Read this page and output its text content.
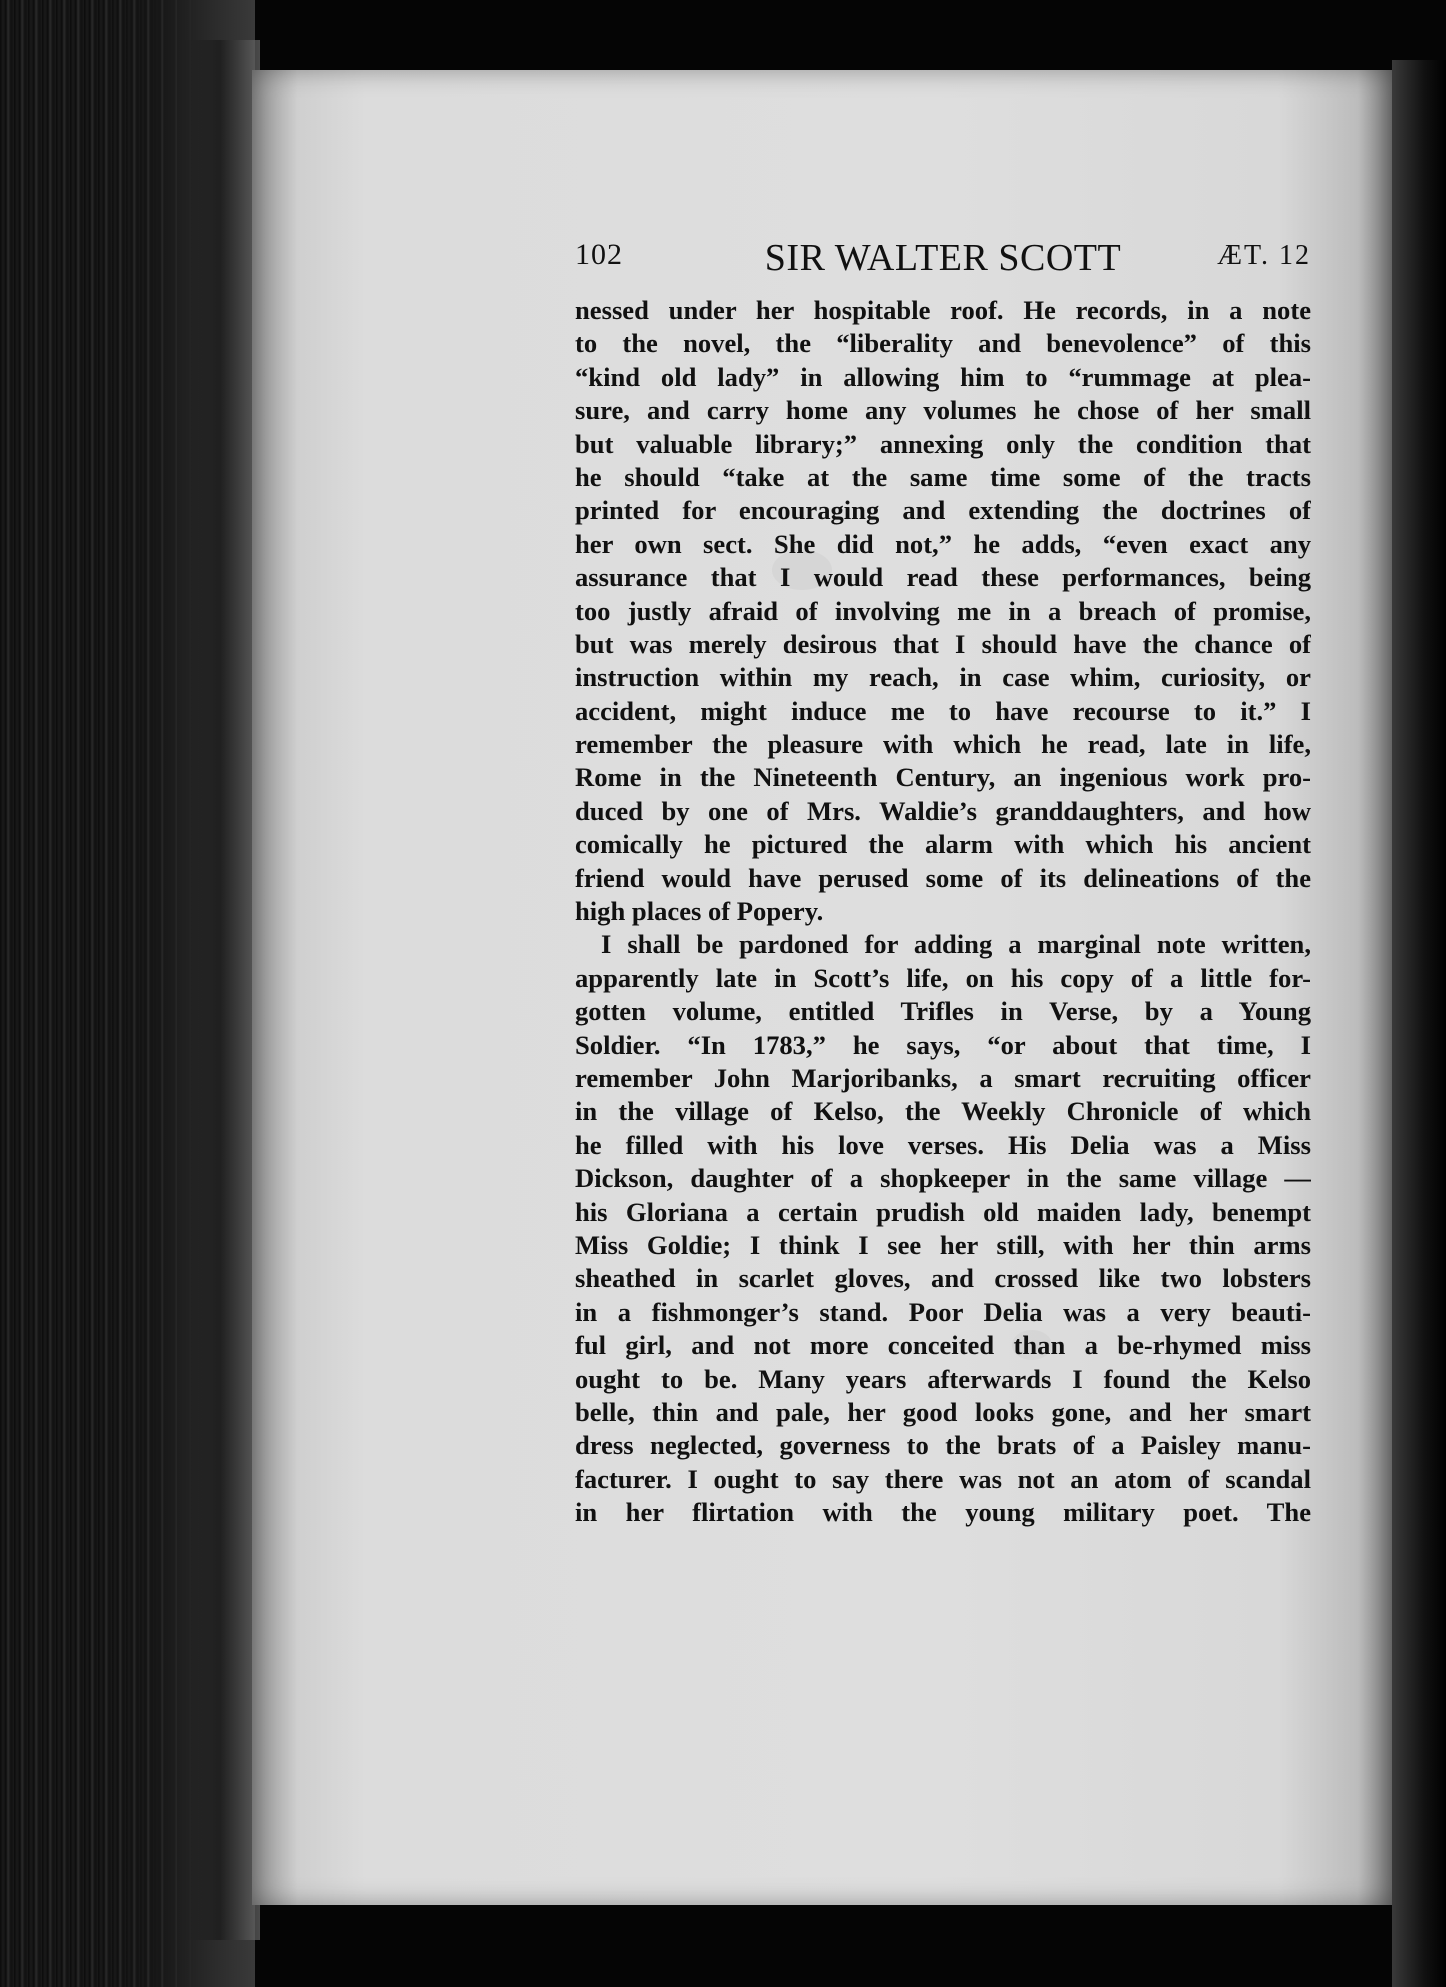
102	SIR WALTER SCOTT	ÆT. 12
nessed under her hospitable roof. He records, in a note
to the novel, the “liberality and benevolence” of this
“kind old lady” in allowing him to “rummage at plea-
sure, and carry home any volumes he chose of her small
but valuable library;” annexing only the condition that
he should “take at the same time some of the tracts
printed for encouraging and extending the doctrines of
her own sect. She did not,” he adds, “even exact any
assurance that I would read these performances, being
too justly afraid of involving me in a breach of promise,
but was merely desirous that I should have the chance of
instruction within my reach, in case whim, curiosity, or
accident, might induce me to have recourse to it.” I
remember the pleasure with which he read, late in life,
Rome in the Nineteenth Century, an ingenious work pro-
duced by one of Mrs. Waldie’s granddaughters, and how
comically he pictured the alarm with which his ancient
friend would have perused some of its delineations of the
high places of Popery.
I shall be pardoned for adding a marginal note written,
apparently late in Scott’s life, on his copy of a little for-
gotten volume, entitled Trifles in Verse, by a Young
Soldier. “In 1783,” he says, “or about that time, I
remember John Marjoribanks, a smart recruiting officer
in the village of Kelso, the Weekly Chronicle of which
he filled with his love verses. His Delia was a Miss
Dickson, daughter of a shopkeeper in the same village —
his Gloriana a certain prudish old maiden lady, benempt
Miss Goldie; I think I see her still, with her thin arms
sheathed in scarlet gloves, and crossed like two lobsters
in a fishmonger’s stand. Poor Delia was a very beauti-
ful girl, and not more conceited than a be-rhymed miss
ought to be. Many years afterwards I found the Kelso
belle, thin and pale, her good looks gone, and her smart
dress neglected, governess to the brats of a Paisley manu-
facturer. I ought to say there was not an atom of scandal
in her flirtation with the young military poet. The
